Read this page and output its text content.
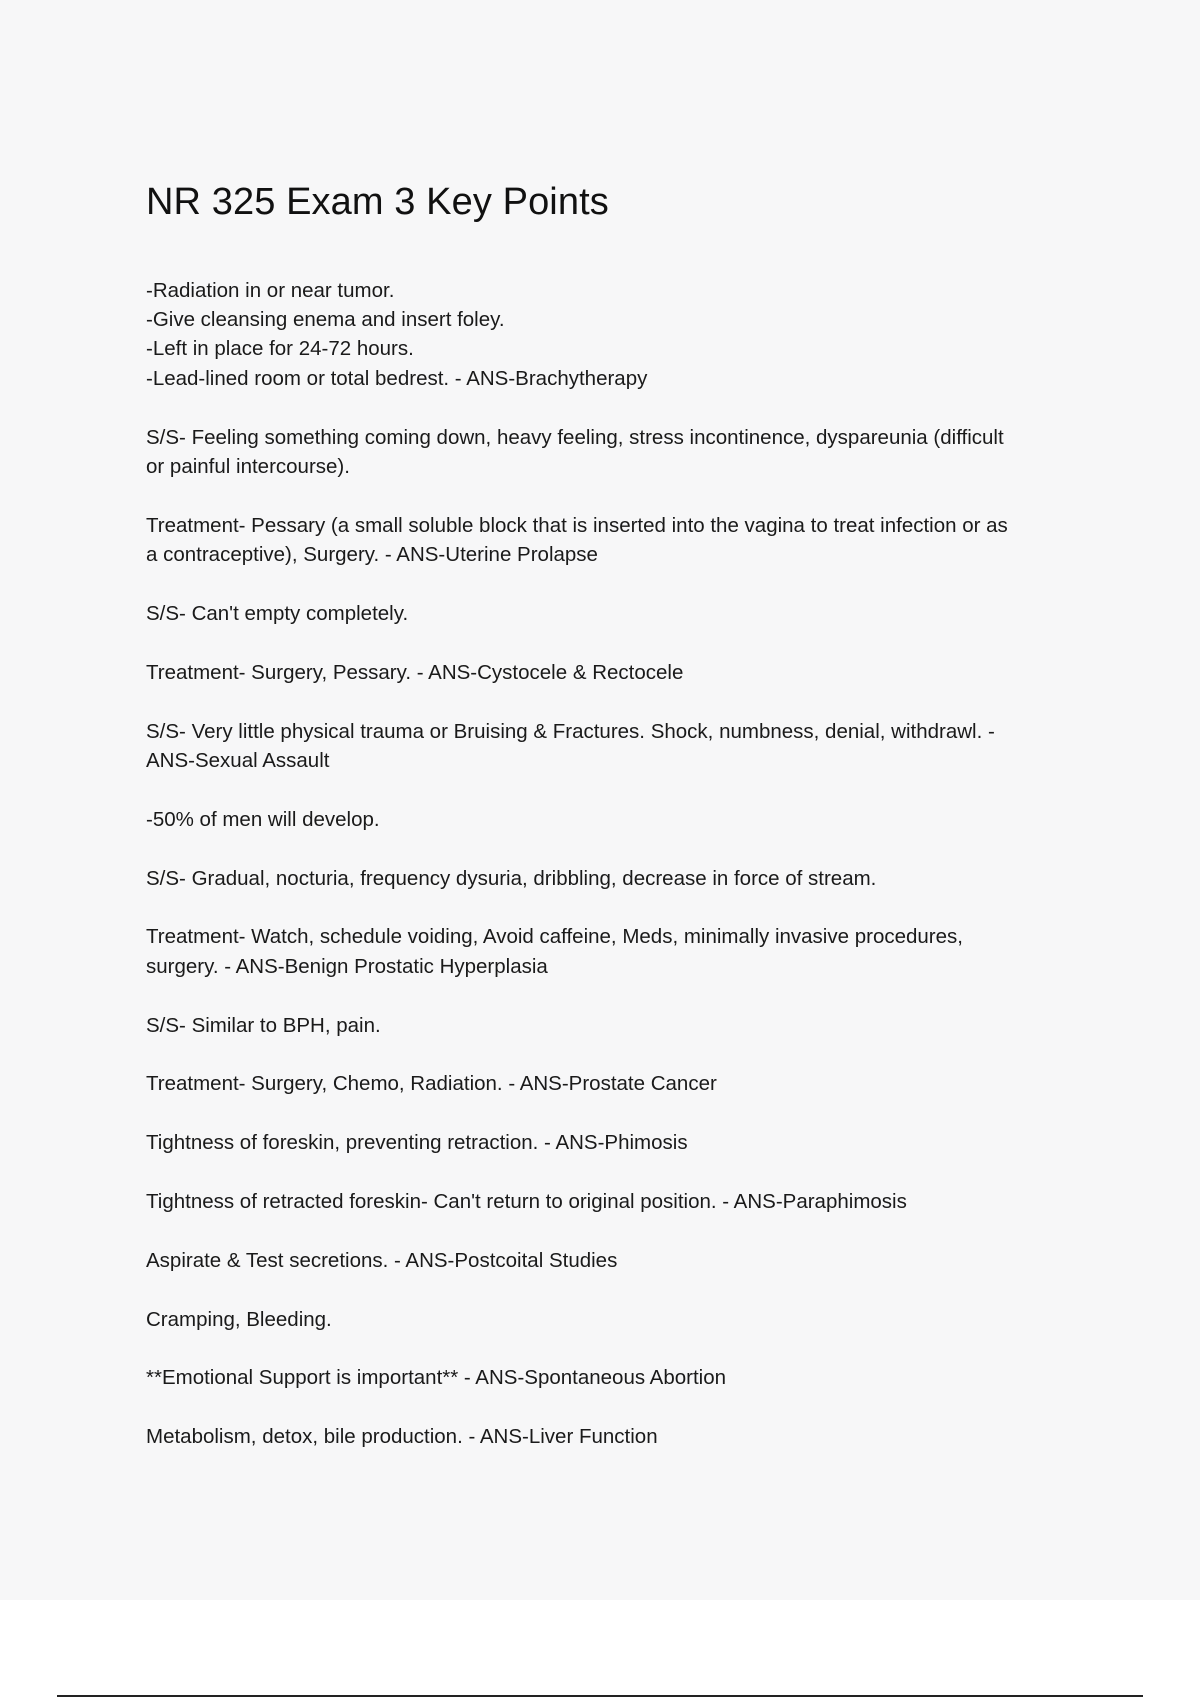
NR 325 Exam 3 Key Points
-Radiation in or near tumor.
-Give cleansing enema and insert foley.
-Left in place for 24-72 hours.
-Lead-lined room or total bedrest. - ANS-Brachytherapy
S/S- Feeling something coming down, heavy feeling, stress incontinence, dyspareunia (difficult
or painful intercourse).
Treatment- Pessary (a small soluble block that is inserted into the vagina to treat infection or as
a contraceptive), Surgery. - ANS-Uterine Prolapse
S/S- Can't empty completely.
Treatment- Surgery, Pessary. - ANS-Cystocele & Rectocele
S/S- Very little physical trauma or Bruising & Fractures. Shock, numbness, denial, withdrawl. -
ANS-Sexual Assault
-50% of men will develop.
S/S- Gradual, nocturia, frequency dysuria, dribbling, decrease in force of stream.
Treatment- Watch, schedule voiding, Avoid caffeine, Meds, minimally invasive procedures,
surgery. - ANS-Benign Prostatic Hyperplasia
S/S- Similar to BPH, pain.
Treatment- Surgery, Chemo, Radiation. - ANS-Prostate Cancer
Tightness of foreskin, preventing retraction. - ANS-Phimosis
Tightness of retracted foreskin- Can't return to original position. - ANS-Paraphimosis
Aspirate & Test secretions. - ANS-Postcoital Studies
Cramping, Bleeding.
**Emotional Support is important** - ANS-Spontaneous Abortion
Metabolism, detox, bile production. - ANS-Liver Function
